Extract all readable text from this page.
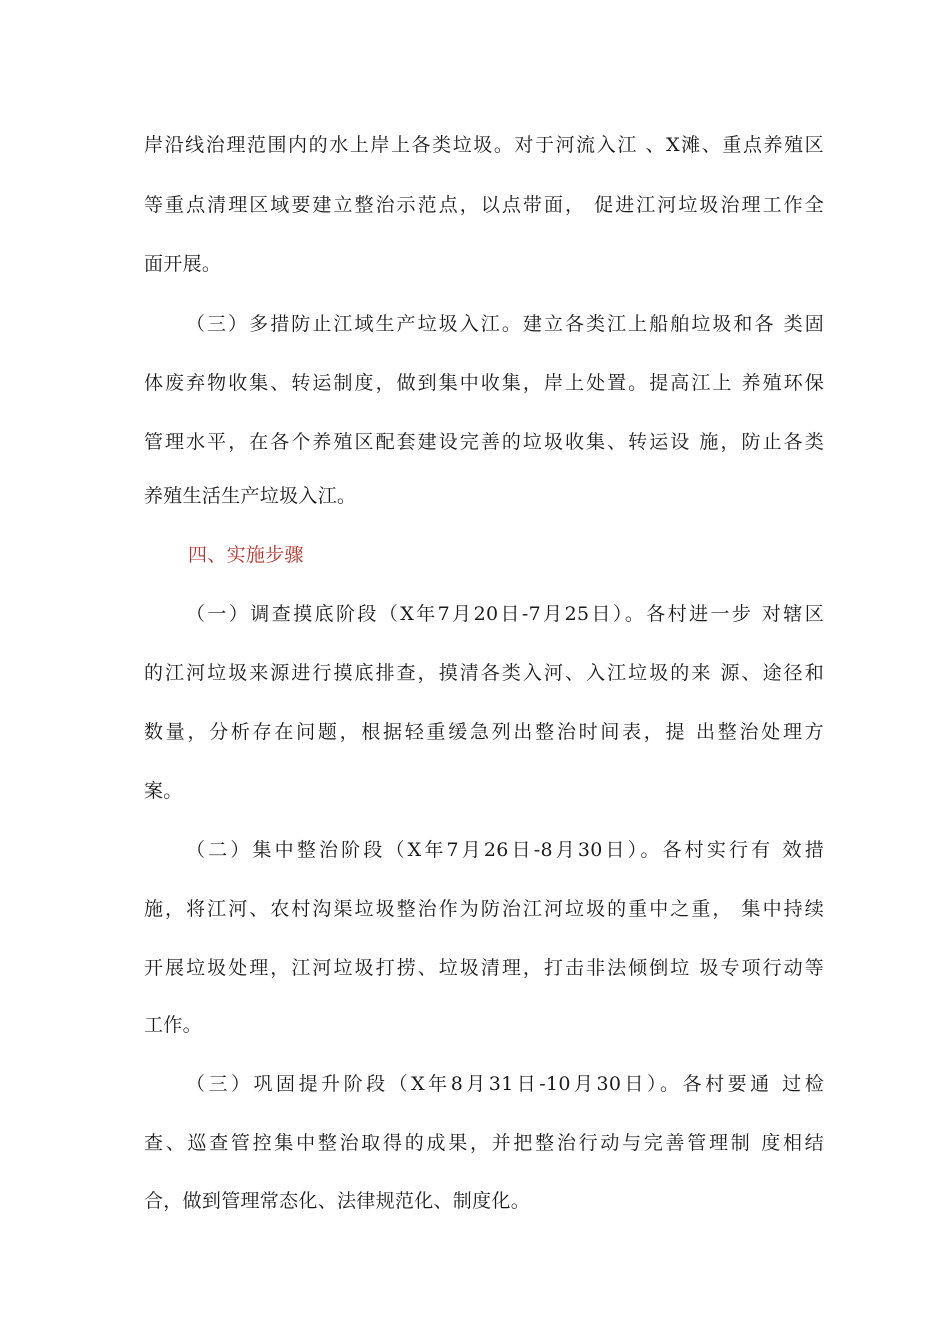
岸沿线治理范围内的水上岸上各类垃圾。对于河流入江 、X滩、重点养殖区
等重点清理区域要建立整治示范点，以点带面， 促进江河垃圾治理工作全
面开展。
（三）多措防止江域生产垃圾入江。建立各类江上船舶垃圾和各 类固
体废弃物收集、转运制度，做到集中收集，岸上处置。提高江上 养殖环保
管理水平，在各个养殖区配套建设完善的垃圾收集、转运设 施，防止各类
养殖生活生产垃圾入江。
四、实施步骤
（一）调查摸底阶段（X年7月20日-7月25日）。各村进一步 对辖区
的江河垃圾来源进行摸底排查，摸清各类入河、入江垃圾的来 源、途径和
数量，分析存在问题，根据轻重缓急列出整治时间表，提 出整治处理方
案。
（二）集中整治阶段（X年7月26日-8月30日）。各村实行有 效措
施，将江河、农村沟渠垃圾整治作为防治江河垃圾的重中之重， 集中持续
开展垃圾处理，江河垃圾打捞、垃圾清理，打击非法倾倒垃 圾专项行动等
工作。
（三）巩固提升阶段（X年8月31日-10月30日）。各村要通 过检
查、巡查管控集中整治取得的成果，并把整治行动与完善管理制 度相结
合，做到管理常态化、法律规范化、制度化。
